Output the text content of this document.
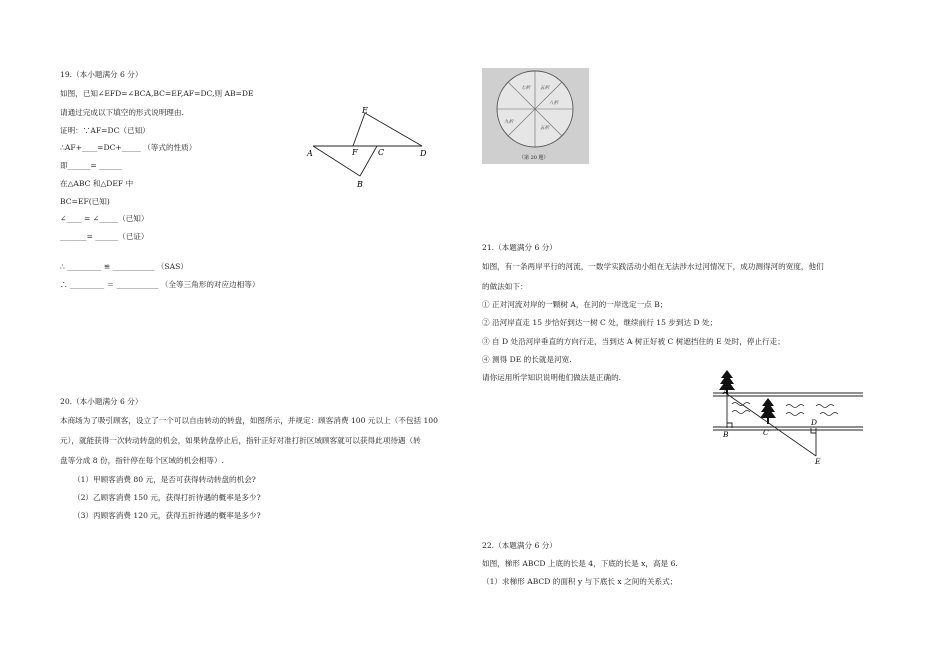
19.（本小题满分 6 分）
如图，已知∠EFD=∠BCA,BC=EF,AF=DC,则 AB=DE
请通过完成以下填空的形式说明理由.
证明：∵AF=DC（已知）
∴AF+____=DC+_____ （等式的性质）
即______= ______
在△ABC 和△DEF 中
BC=EF(已知)
∠____ = ∠_____（已知）
_______= ______（已证）
∴ _________ ≌ ___________ （SAS）
∴ _________ ＝ ___________ （全等三角形的对应边相等）
A
B
C	D
E
F
20.（本小题满分 6 分）
本商场为了吸引顾客，设立了一个可以自由转动的转盘，如图所示，并规定：顾客消费 100 元以上（不包括 100
元），就能获得一次转动转盘的机会，如果转盘停止后，指针正好对准打折区域顾客就可以获得此项待遇（转
盘等分成 8 份，指针停在每个区域的机会相等）.
（1）甲顾客消费 80 元，是否可获得转动转盘的机会?
（2）乙顾客消费 150 元，获得打折待遇的概率是多少?
（3）丙顾客消费 120 元，获得五折待遇的概率是多少?
七折	五折
八折
九折
五折
（第 20 题）
21.（本题满分 6 分）
如图，有一条两岸平行的河流，一数学实践活动小组在无法涉水过河情况下，成功测得河的宽度，他们
的做法如下：
① 正对河流对岸的一颗树 A，在河的一岸选定一点 B；
② 沿河岸直走 15 步恰好到达一树 C 处，继续前行 15 步到达 D 处；
③ 自 D 处沿河岸垂直的方向行走，当到达 A 树正好被 C 树遮挡住的 E 处时，停止行走；
④ 测得 DE 的长就是河宽.
请你运用所学知识说明他们做法是正确的.
A
B	C
D
E
22.（本题满分 6 分）
如图，梯形 ABCD 上底的长是 4，下底的长是 x，高是 6.
（1）求梯形 ABCD 的面积 y 与下底长 x 之间的关系式；
